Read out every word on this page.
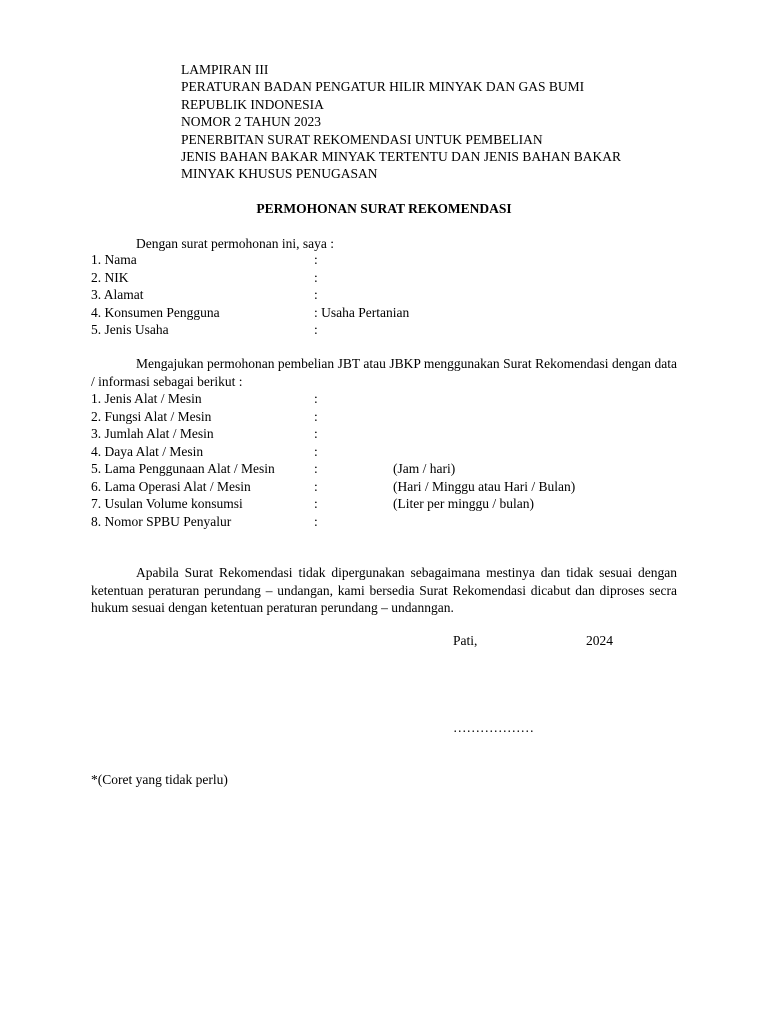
LAMPIRAN III
PERATURAN BADAN PENGATUR HILIR MINYAK DAN GAS BUMI
REPUBLIK INDONESIA
NOMOR 2 TAHUN 2023
PENERBITAN SURAT REKOMENDASI UNTUK PEMBELIAN
JENIS BAHAN BAKAR MINYAK TERTENTU DAN JENIS BAHAN BAKAR
MINYAK KHUSUS PENUGASAN
PERMOHONAN SURAT REKOMENDASI
Dengan surat permohonan ini, saya :
1. Nama	:
2. NIK	:
3. Alamat	:
4. Konsumen Pengguna	: Usaha Pertanian
5. Jenis Usaha	:
Mengajukan permohonan pembelian JBT atau JBKP menggunakan Surat Rekomendasi dengan data / informasi sebagai berikut :
1. Jenis Alat / Mesin	:
2. Fungsi Alat / Mesin	:
3. Jumlah Alat / Mesin	:
4. Daya Alat / Mesin	:
5. Lama Penggunaan Alat / Mesin	:	(Jam / hari)
6. Lama Operasi Alat / Mesin	:	(Hari / Minggu atau Hari / Bulan)
7. Usulan Volume konsumsi	:	(Liter per minggu / bulan)
8. Nomor SPBU Penyalur	:
Apabila Surat Rekomendasi tidak dipergunakan sebagaimana mestinya dan tidak sesuai dengan ketentuan peraturan perundang – undangan, kami bersedia Surat Rekomendasi dicabut dan diproses secra hukum sesuai dengan ketentuan peraturan perundang – undanngan.
Pati,	2024
………………
*(Coret yang tidak perlu)
